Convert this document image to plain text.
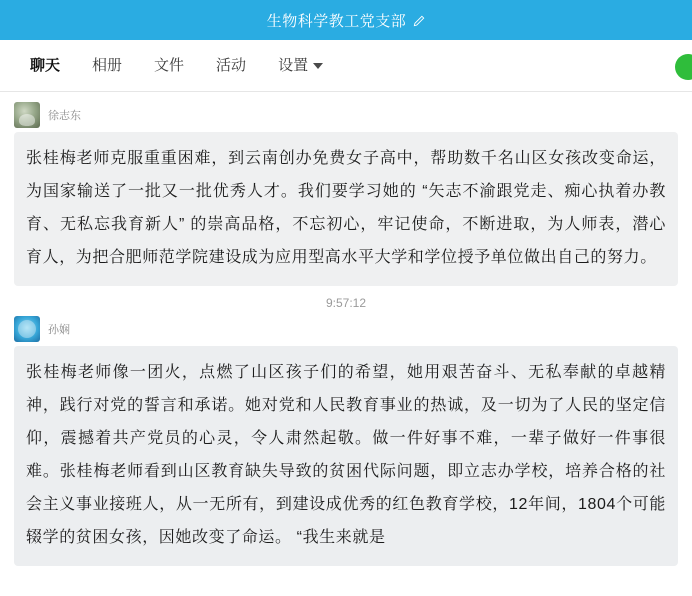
生物科学教工党支部
聊天	相册	文件	活动	设置
徐志东
张桂梅老师克服重重困难，到云南创办免费女子高中，帮助数千名山区女孩改变命运，为国家输送了一批又一批优秀人才。我们要学习她的 “矢志不渝跟党走、痴心执着办教育、无私忘我育新人” 的崇高品格，不忘初心，牢记使命，不断进取，为人师表，潜心育人，为把合肥师范学院建设成为应用型高水平大学和学位授予单位做出自己的努力。
9:57:12
孙娴
张桂梅老师像一团火，点燃了山区孩子们的希望，她用艰苦奋斗、无私奉献的卓越精神，践行对党的誓言和承诺。她对党和人民教育事业的热诚，及一切为了人民的坚定信仰，震撼着共产党员的心灵，令人肃然起敬。做一件好事不难，一辈子做好一件事很难。张桂梅老师看到山区教育缺失导致的贫困代际问题，即立志办学校，培养合格的社会主义事业接班人，从一无所有，到建设成优秀的红色教育学校，12年间，1804个可能辍学的贫困女孩，因她改变了命运。 “我生来就是
